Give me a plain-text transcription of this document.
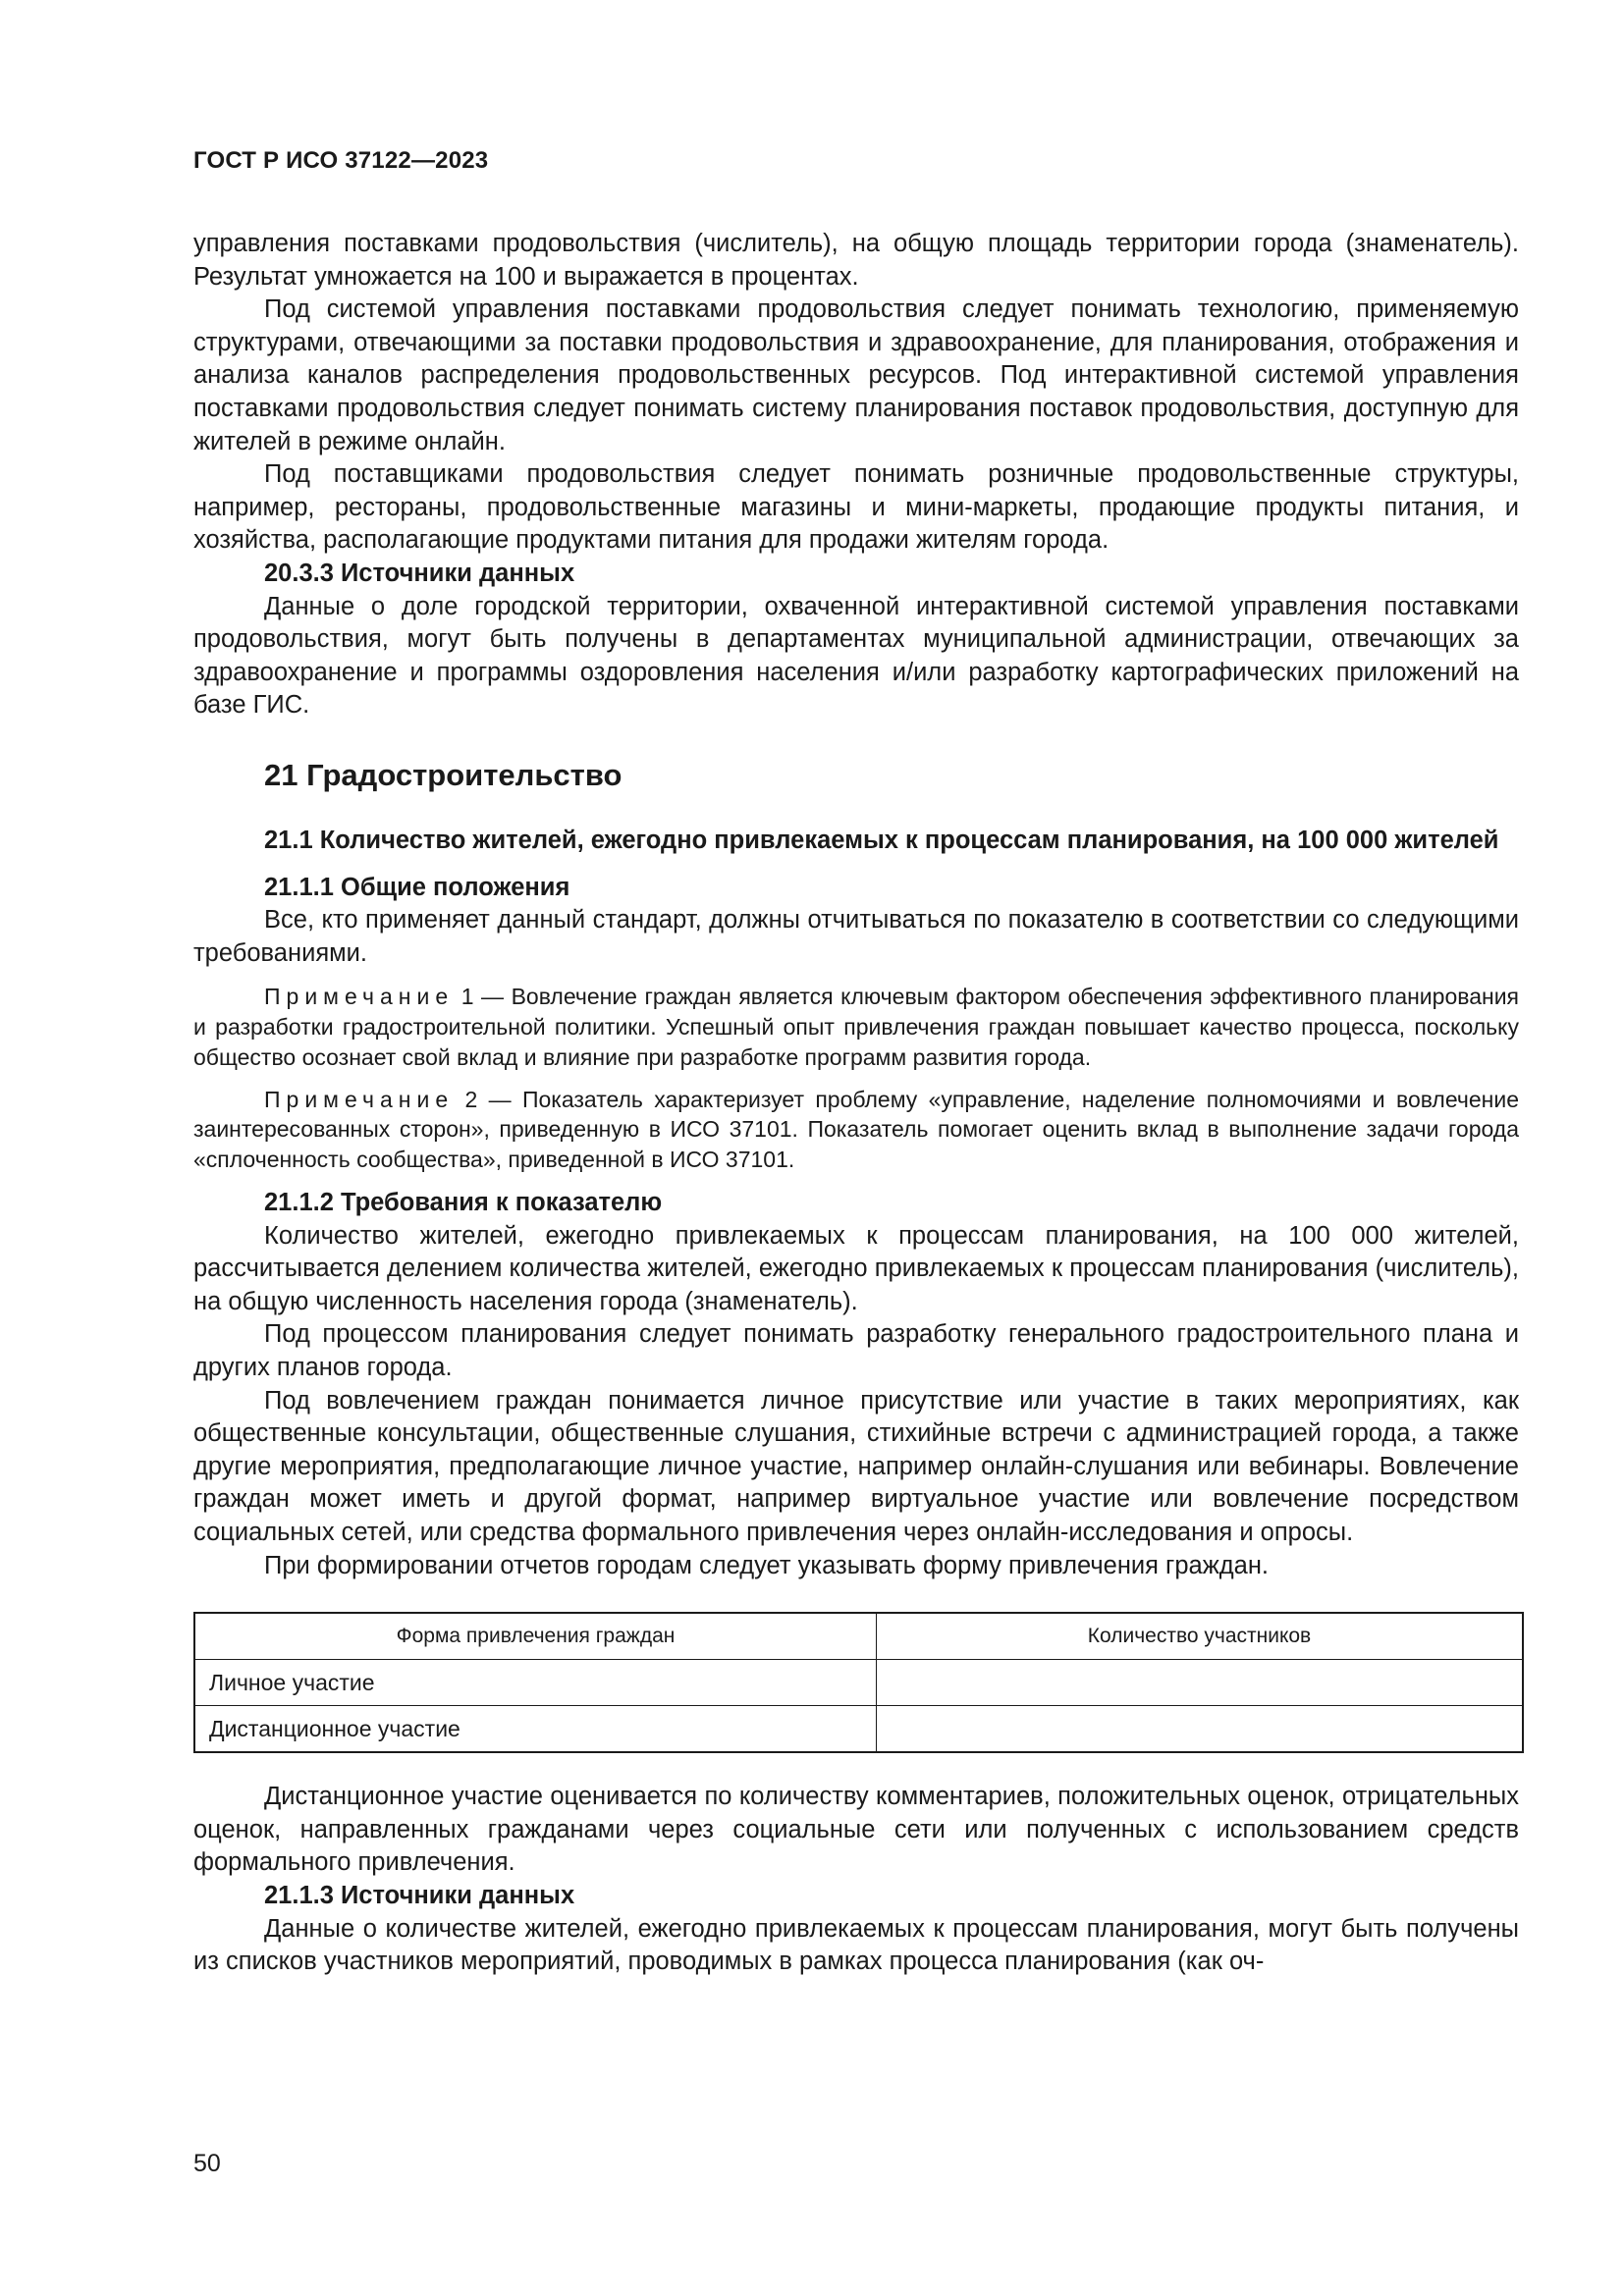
ГОСТ Р ИСО 37122—2023

управления поставками продовольствия (числитель), на общую площадь территории города (знаменатель). Результат умножается на 100 и выражается в процентах.

Под системой управления поставками продовольствия следует понимать технологию, применяемую структурами, отвечающими за поставки продовольствия и здравоохранение, для планирования, отображения и анализа каналов распределения продовольственных ресурсов. Под интерактивной системой управления поставками продовольствия следует понимать систему планирования поставок продовольствия, доступную для жителей в режиме онлайн.

Под поставщиками продовольствия следует понимать розничные продовольственные структуры, например, рестораны, продовольственные магазины и мини-маркеты, продающие продукты питания, и хозяйства, располагающие продуктами питания для продажи жителям города.

20.3.3 Источники данных

Данные о доле городской территории, охваченной интерактивной системой управления поставками продовольствия, могут быть получены в департаментах муниципальной администрации, отвечающих за здравоохранение и программы оздоровления населения и/или разработку картографических приложений на базе ГИС.

21 Градостроительство
21.1 Количество жителей, ежегодно привлекаемых к процессам планирования, на 100 000 жителей
21.1.1 Общие положения

Все, кто применяет данный стандарт, должны отчитываться по показателю в соответствии со следующими требованиями.

Примечание 1 — Вовлечение граждан является ключевым фактором обеспечения эффективного планирования и разработки градостроительной политики. Успешный опыт привлечения граждан повышает качество процесса, поскольку общество осознает свой вклад и влияние при разработке программ развития города.

Примечание 2 — Показатель характеризует проблему «управление, наделение полномочиями и вовлечение заинтересованных сторон», приведенную в ИСО 37101. Показатель помогает оценить вклад в выполнение задачи города «сплоченность сообщества», приведенной в ИСО 37101.

21.1.2 Требования к показателю

Количество жителей, ежегодно привлекаемых к процессам планирования, на 100 000 жителей, рассчитывается делением количества жителей, ежегодно привлекаемых к процессам планирования (числитель), на общую численность населения города (знаменатель).

Под процессом планирования следует понимать разработку генерального градостроительного плана и других планов города.

Под вовлечением граждан понимается личное присутствие или участие в таких мероприятиях, как общественные консультации, общественные слушания, стихийные встречи с администрацией города, а также другие мероприятия, предполагающие личное участие, например онлайн-слушания или вебинары. Вовлечение граждан может иметь и другой формат, например виртуальное участие или вовлечение посредством социальных сетей, или средства формального привлечения через онлайн-исследования и опросы.

При формировании отчетов городам следует указывать форму привлечения граждан.

Форма привлечения граждан	Количество участников
Личное участие	
Дистанционное участие	

Дистанционное участие оценивается по количеству комментариев, положительных оценок, отрицательных оценок, направленных гражданами через социальные сети или полученных с использованием средств формального привлечения.

21.1.3 Источники данных

Данные о количестве жителей, ежегодно привлекаемых к процессам планирования, могут быть получены из списков участников мероприятий, проводимых в рамках процесса планирования (как оч-

50
